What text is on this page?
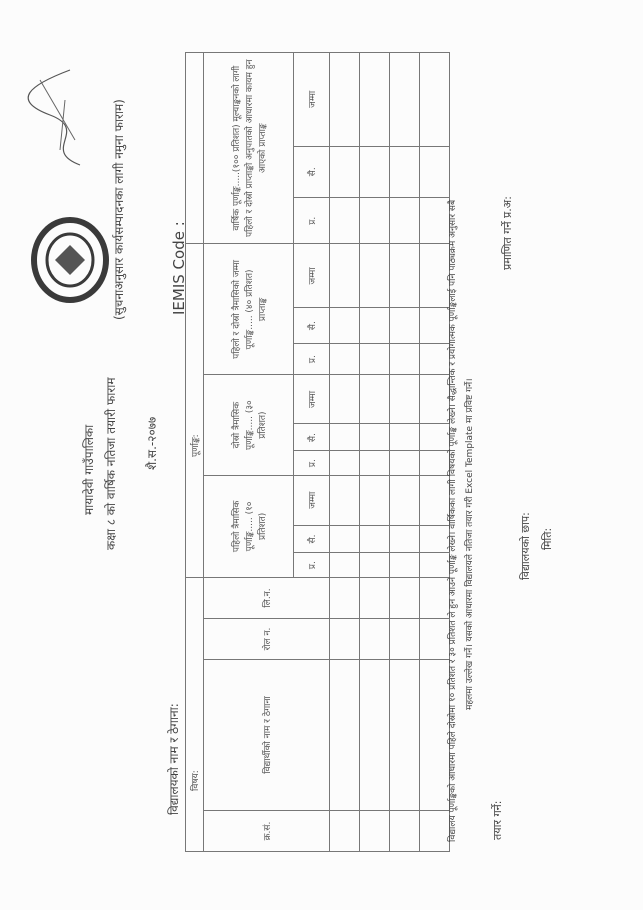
मायादेवी गाउँपालिका कक्षा ८ को वार्षिक नतिजा तयारी फाराम शै.स.-२०७७
(सुचनाअनुसार कार्यसम्पादनका लागी नमुना फाराम)
विद्यालयको नाम र ठेगाना:
IEMIS Code :
विषय:				पूर्णाङ्क:											
क्र.सं.	विद्यार्थीको नाम र ठेगाना	रोल न.	लि.न.	पहिलो त्रैमासिक पूर्णाङ्क..... (१० प्रतिशत)			दोस्रो त्रैमासिक पूर्णाङ्क..... (३० प्रतिशत)			पहिलो र दोस्रो त्रैमासिको जम्मा पूर्णाङ्क..... (४० प्रतिशत) प्राप्ताङ्क			वार्षिक पूर्णाङ्क.....(१०० प्रतिशत) मूल्याङ्कनको लागी पहिलो र दोस्रो प्राप्ताङ्को अनुपातको आधारमा कायम हुन आएको प्राप्ताङ्क		
				प्र.	सै.	जम्मा	प्र.	सै.	जम्मा	प्र.	सै.	जम्मा	प्र.	सै.	जम्मा

विद्यालय पूर्णाङ्कको आधारमा पहिले दोस्रोमा १० प्रतिशत र ३० प्रतिशत ले हुन आउने पूर्णाङ्क लेख्ने। वार्षिकका लागी विषयको पूर्णाङ्क लेख्ने। सैद्धान्तिक र प्रयोगात्मक पूर्णाङ्कलाई पनि पाठ्यक्रम अनुसार सबै महलमा उल्लेख गर्ने। यसको आधारमा विद्यालयले नतिजा तयार गरी Excel Template मा प्रविष्ट गर्ने।
तयार गर्ने:
विद्यालयको छाप: मिति:
प्रमाणित गर्ने प्र.अ:
